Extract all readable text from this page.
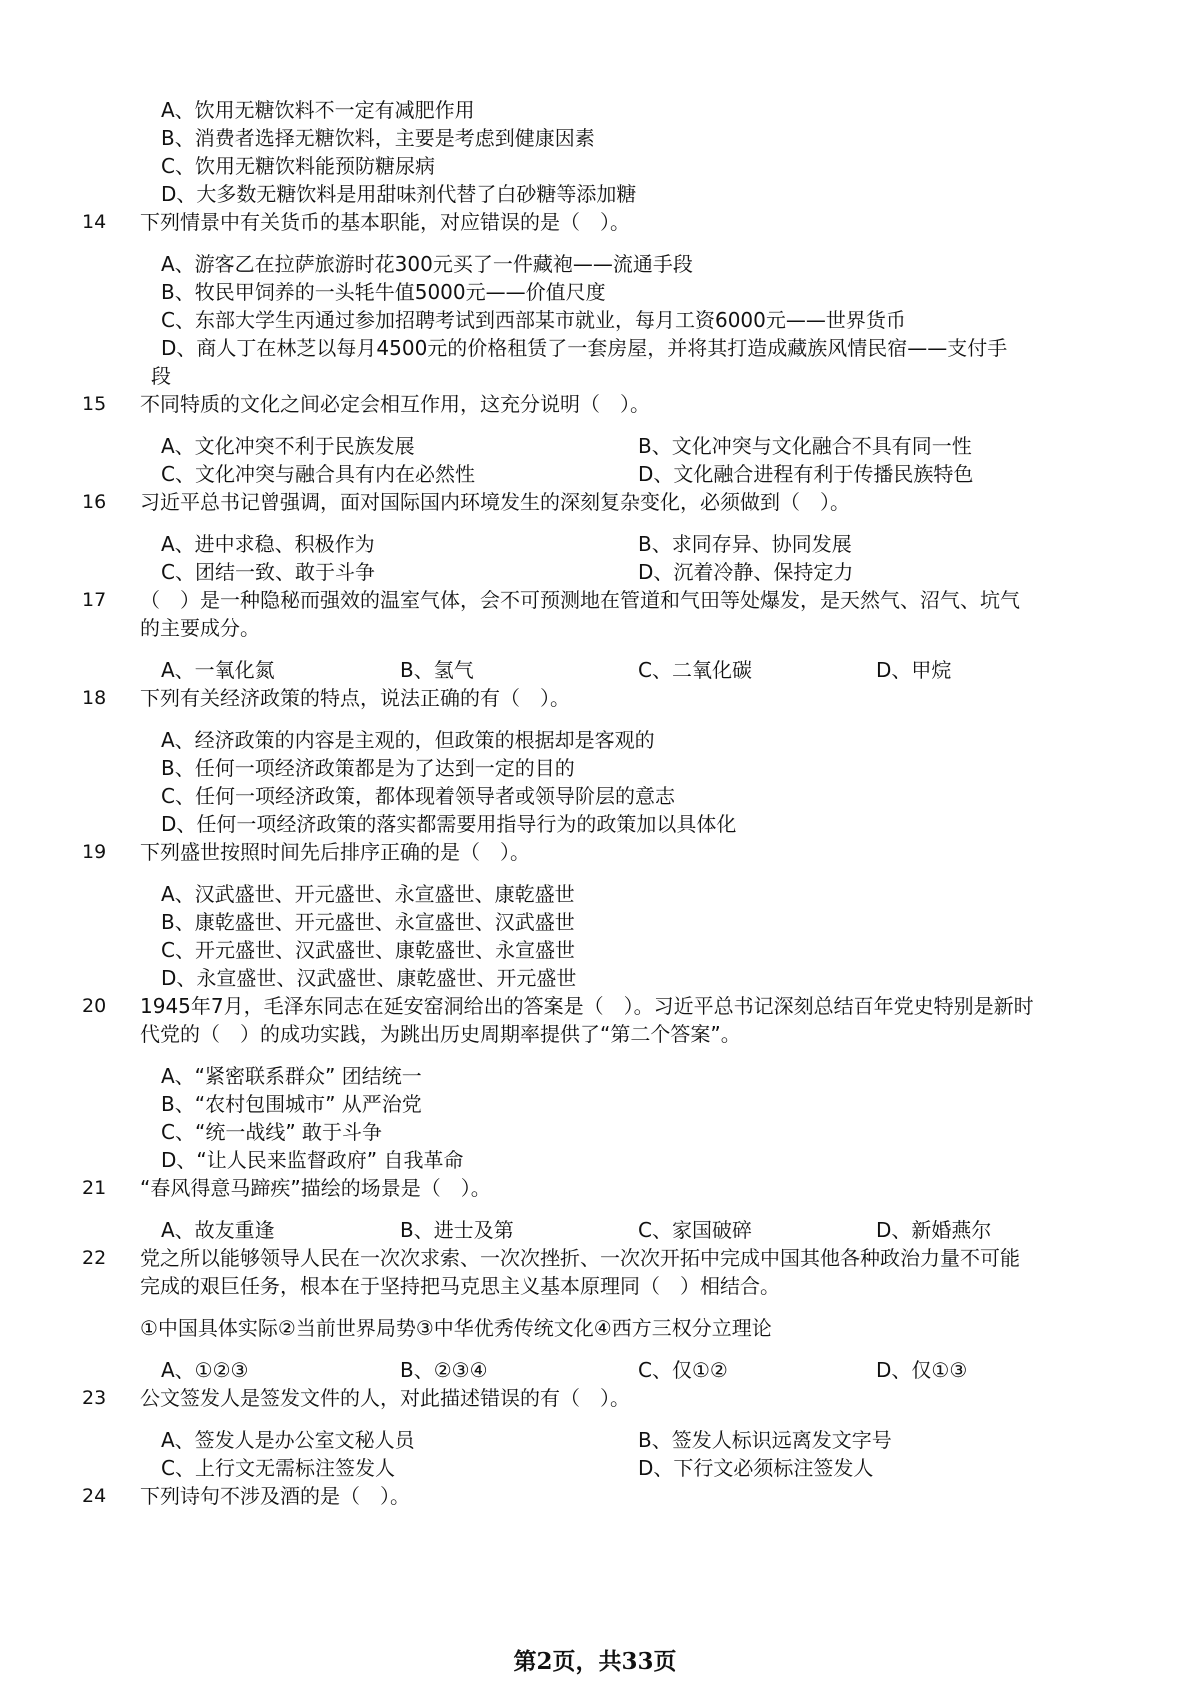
A、饮用无糖饮料不一定有减肥作用
B、消费者选择无糖饮料，主要是考虑到健康因素
C、饮用无糖饮料能预防糖尿病
D、大多数无糖饮料是用甜味剂代替了白砂糖等添加糖
14 下列情景中有关货币的基本职能，对应错误的是（　）。
A、游客乙在拉萨旅游时花300元买了一件藏袍——流通手段
B、牧民甲饲养的一头牦牛值5000元——价值尺度
C、东部大学生丙通过参加招聘考试到西部某市就业，每月工资6000元——世界货币
D、商人丁在林芝以每月4500元的价格租赁了一套房屋，并将其打造成藏族风情民宿——支付手
段
15 不同特质的文化之间必定会相互作用，这充分说明（　）。
A、文化冲突不利于民族发展	B、文化冲突与文化融合不具有同一性
C、文化冲突与融合具有内在必然性	D、文化融合进程有利于传播民族特色
16 习近平总书记曾强调，面对国际国内环境发生的深刻复杂变化，必须做到（　）。
A、进中求稳、积极作为	B、求同存异、协同发展
C、团结一致、敢于斗争	D、沉着冷静、保持定力
17 （　）是一种隐秘而强效的温室气体，会不可预测地在管道和气田等处爆发，是天然气、沼气、坑气
的主要成分。
A、一氧化氮	B、氢气	C、二氧化碳	D、甲烷
18 下列有关经济政策的特点，说法正确的有（　）。
A、经济政策的内容是主观的，但政策的根据却是客观的
B、任何一项经济政策都是为了达到一定的目的
C、任何一项经济政策，都体现着领导者或领导阶层的意志
D、任何一项经济政策的落实都需要用指导行为的政策加以具体化
19 下列盛世按照时间先后排序正确的是（　）。
A、汉武盛世、开元盛世、永宣盛世、康乾盛世
B、康乾盛世、开元盛世、永宣盛世、汉武盛世
C、开元盛世、汉武盛世、康乾盛世、永宣盛世
D、永宣盛世、汉武盛世、康乾盛世、开元盛世
20 1945年7月，毛泽东同志在延安窑洞给出的答案是（　）。习近平总书记深刻总结百年党史特别是新时
代党的（　）的成功实践，为跳出历史周期率提供了“第二个答案”。
A、“紧密联系群众” 团结统一
B、“农村包围城市” 从严治党
C、“统一战线” 敢于斗争
D、“让人民来监督政府” 自我革命
21 “春风得意马蹄疾”描绘的场景是（　）。
A、故友重逢	B、进士及第	C、家国破碎	D、新婚燕尔
22 党之所以能够领导人民在一次次求索、一次次挫折、一次次开拓中完成中国其他各种政治力量不可能
完成的艰巨任务，根本在于坚持把马克思主义基本原理同（　）相结合。
①中国具体实际②当前世界局势③中华优秀传统文化④西方三权分立理论
A、①②③	B、②③④	C、仅①②	D、仅①③
23 公文签发人是签发文件的人，对此描述错误的有（　）。
A、签发人是办公室文秘人员	B、签发人标识远离发文字号
C、上行文无需标注签发人	D、下行文必须标注签发人
24 下列诗句不涉及酒的是（　）。
第2页，共33页
